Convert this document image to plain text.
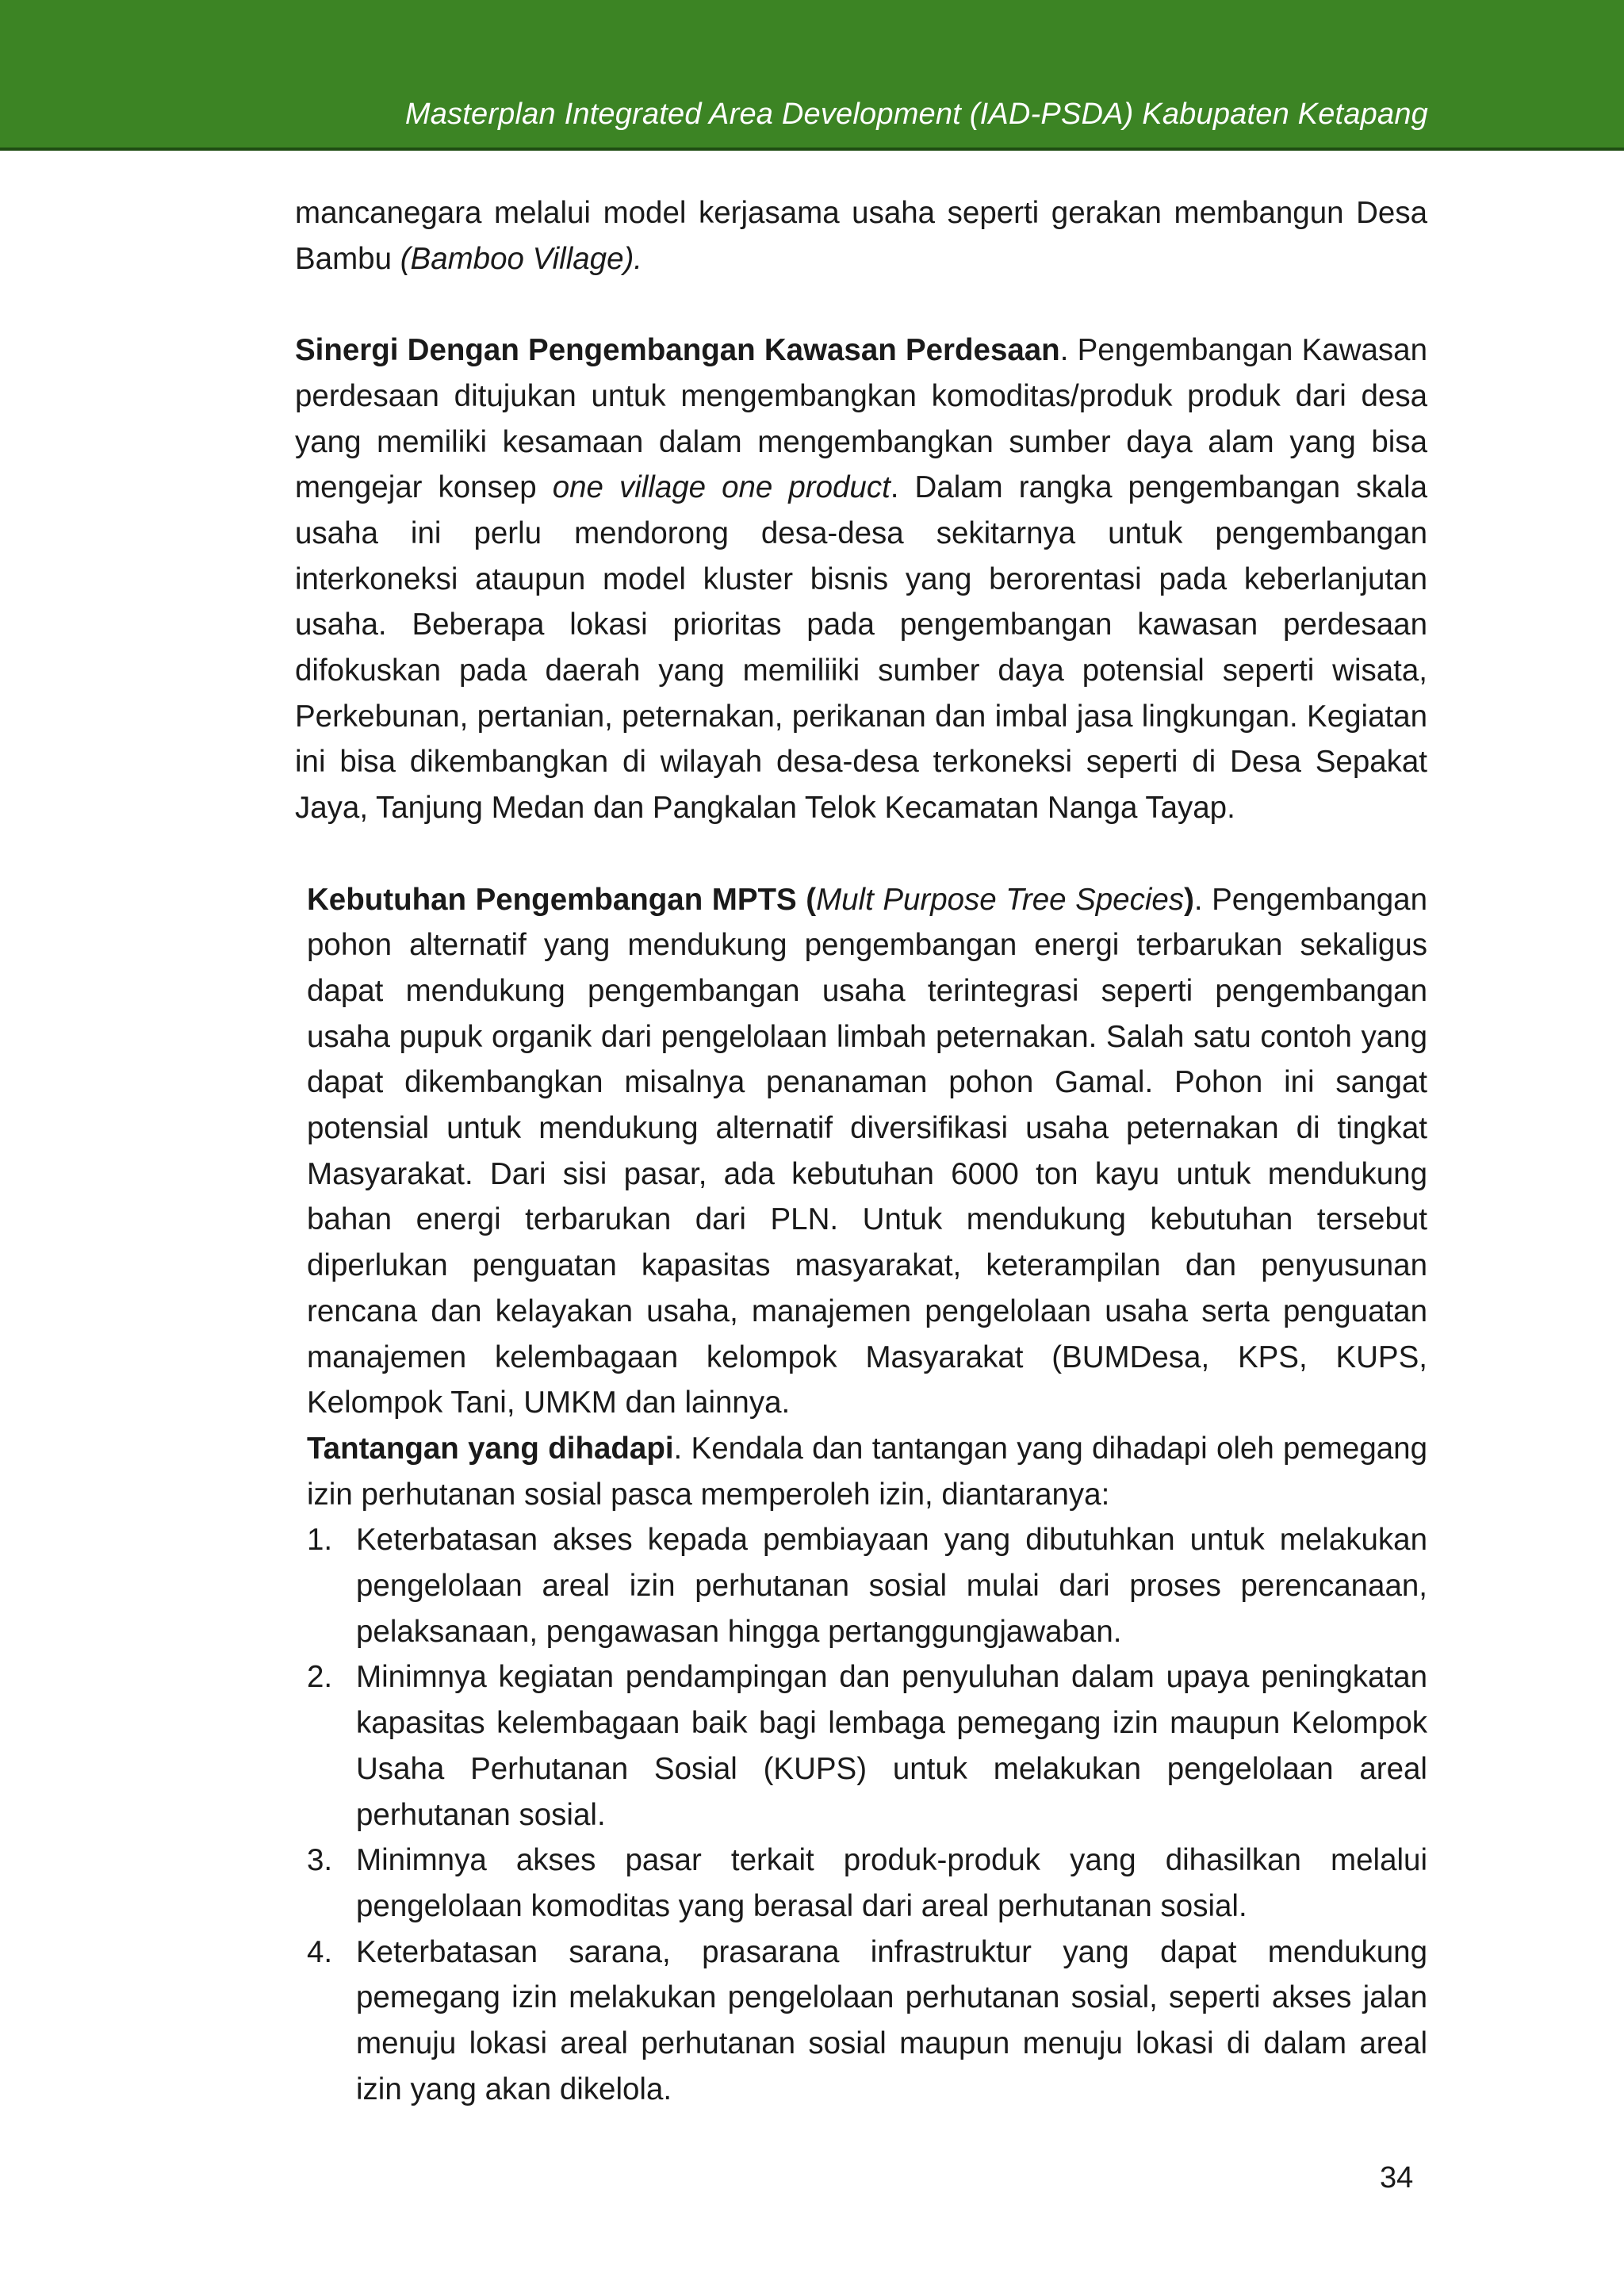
Masterplan Integrated Area Development (IAD-PSDA) Kabupaten Ketapang

mancanegara melalui model kerjasama usaha seperti gerakan membangun Desa Bambu (Bamboo Village).

Sinergi Dengan Pengembangan Kawasan Perdesaan. Pengembangan Kawasan perdesaan ditujukan untuk mengembangkan komoditas/produk produk dari desa yang memiliki kesamaan dalam mengembangkan sumber daya alam yang bisa mengejar konsep one village one product. Dalam rangka pengembangan skala usaha ini perlu mendorong desa-desa sekitarnya untuk pengembangan interkoneksi ataupun model kluster bisnis yang berorentasi pada keberlanjutan usaha. Beberapa lokasi prioritas pada pengembangan kawasan perdesaan difokuskan pada daerah yang memiliiki sumber daya potensial seperti wisata, Perkebunan, pertanian, peternakan, perikanan dan imbal jasa lingkungan. Kegiatan ini bisa dikembangkan di wilayah desa-desa terkoneksi seperti di Desa Sepakat Jaya, Tanjung Medan dan Pangkalan Telok Kecamatan Nanga Tayap.

Kebutuhan Pengembangan MPTS (Mult Purpose Tree Species). Pengembangan pohon alternatif yang mendukung pengembangan energi terbarukan sekaligus dapat mendukung pengembangan usaha terintegrasi seperti pengembangan usaha pupuk organik dari pengelolaan limbah peternakan. Salah satu contoh yang dapat dikembangkan misalnya penanaman pohon Gamal. Pohon ini sangat potensial untuk mendukung alternatif diversifikasi usaha peternakan di tingkat Masyarakat. Dari sisi pasar, ada kebutuhan 6000 ton kayu untuk mendukung bahan energi terbarukan dari PLN. Untuk mendukung kebutuhan tersebut diperlukan penguatan kapasitas masyarakat, keterampilan dan penyusunan rencana dan kelayakan usaha, manajemen pengelolaan usaha serta penguatan manajemen kelembagaan kelompok Masyarakat (BUMDesa, KPS, KUPS, Kelompok Tani, UMKM dan lainnya.

Tantangan yang dihadapi. Kendala dan tantangan yang dihadapi oleh pemegang izin perhutanan sosial pasca memperoleh izin, diantaranya:

1. Keterbatasan akses kepada pembiayaan yang dibutuhkan untuk melakukan pengelolaan areal izin perhutanan sosial mulai dari proses perencanaan, pelaksanaan, pengawasan hingga pertanggungjawaban.
2. Minimnya kegiatan pendampingan dan penyuluhan dalam upaya peningkatan kapasitas kelembagaan baik bagi lembaga pemegang izin maupun Kelompok Usaha Perhutanan Sosial (KUPS) untuk melakukan pengelolaan areal perhutanan sosial.
3. Minimnya akses pasar terkait produk-produk yang dihasilkan melalui pengelolaan komoditas yang berasal dari areal perhutanan sosial.
4. Keterbatasan sarana, prasarana infrastruktur yang dapat mendukung pemegang izin melakukan pengelolaan perhutanan sosial, seperti akses jalan menuju lokasi areal perhutanan sosial maupun menuju lokasi di dalam areal izin yang akan dikelola.
34
